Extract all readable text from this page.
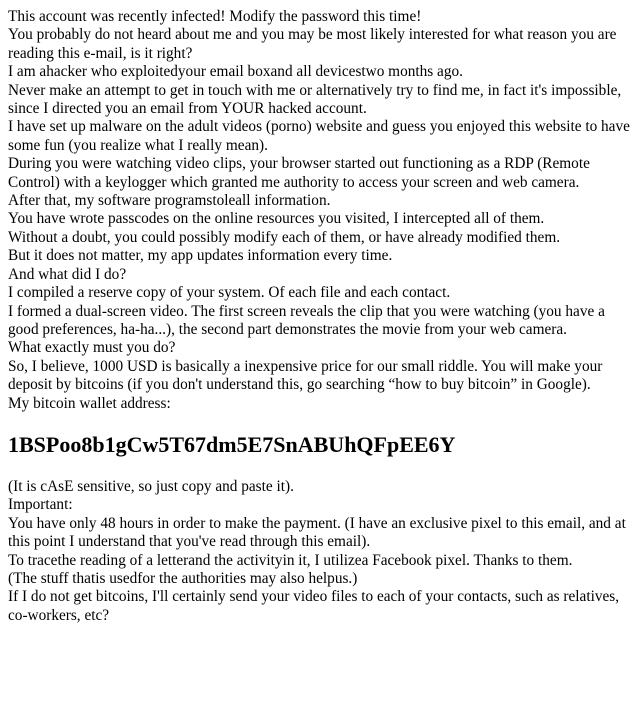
This account was recently infected! Modify the password this time!
You probably do not heard about me and you may be most likely interested for what reason you are reading this e-mail, is it right?
I am ahacker who exploitedyour email boxand all devicestwo months ago.
Never make an attempt to get in touch with me or alternatively try to find me, in fact it's impossible, since I directed you an email from YOUR hacked account.
I have set up malware on the adult videos (porno) website and guess you enjoyed this website to have some fun (you realize what I really mean).
During you were watching video clips, your browser started out functioning as a RDP (Remote Control) with a keylogger which granted me authority to access your screen and web camera.
After that, my software programstoleall information.
You have wrote passcodes on the online resources you visited, I intercepted all of them.
Without a doubt, you could possibly modify each of them, or have already modified them.
But it does not matter, my app updates information every time.
And what did I do?
I compiled a reserve copy of your system. Of each file and each contact.
I formed a dual-screen video. The first screen reveals the clip that you were watching (you have a good preferences, ha-ha...), the second part demonstrates the movie from your web camera.
What exactly must you do?
So, I believe, 1000 USD is basically a inexpensive price for our small riddle. You will make your deposit by bitcoins (if you don't understand this, go searching “how to buy bitcoin” in Google).
My bitcoin wallet address:
1BSPoo8b1gCw5T67dm5E7SnABUhQFpEE6Y
(It is cAsE sensitive, so just copy and paste it).
Important:
You have only 48 hours in order to make the payment. (I have an exclusive pixel to this email, and at this point I understand that you've read through this email).
To tracethe reading of a letterand the activityin it, I utilizea Facebook pixel. Thanks to them.
(The stuff thatis usedfor the authorities may also helpus.)
If I do not get bitcoins, I'll certainly send your video files to each of your contacts, such as relatives, co-workers, etc?
